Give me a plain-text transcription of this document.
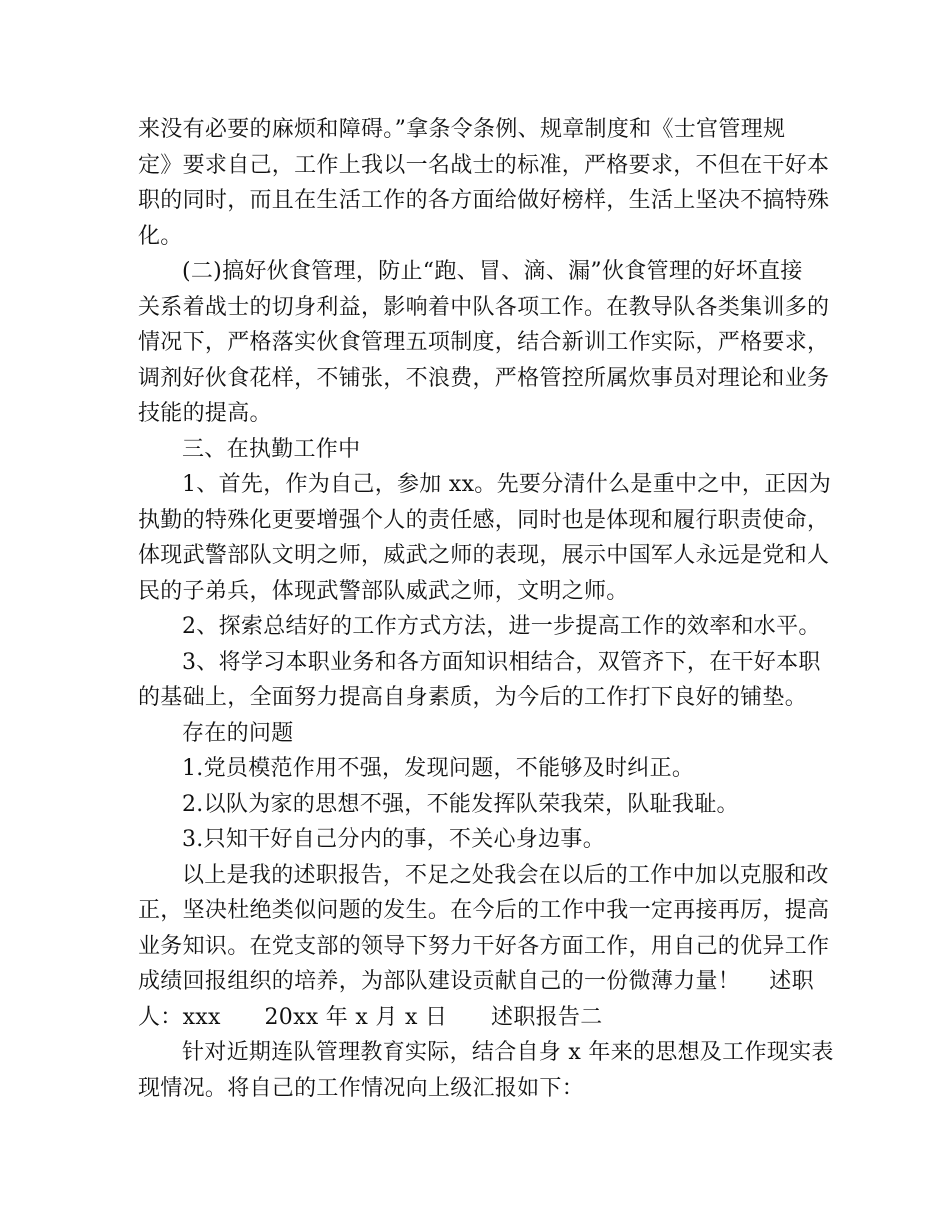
来没有必要的麻烦和障碍。”拿条令条例、规章制度和《士官管理规
定》要求自己，工作上我以一名战士的标准，严格要求，不但在干好本
职的同时，而且在生活工作的各方面给做好榜样，生活上坚决不搞特殊
化。

(二)搞好伙食管理，防止“跑、冒、滴、漏”伙食管理的好坏直接
关系着战士的切身利益，影响着中队各项工作。在教导队各类集训多的
情况下，严格落实伙食管理五项制度，结合新训工作实际，严格要求，
调剂好伙食花样，不铺张，不浪费，严格管控所属炊事员对理论和业务
技能的提高。

三、在执勤工作中

1、首先，作为自己，参加 xx。先要分清什么是重中之中，正因为
执勤的特殊化更要增强个人的责任感，同时也是体现和履行职责使命，
体现武警部队文明之师，威武之师的表现，展示中国军人永远是党和人
民的子弟兵，体现武警部队威武之师，文明之师。

2、探索总结好的工作方式方法，进一步提高工作的效率和水平。

3、将学习本职业务和各方面知识相结合，双管齐下，在干好本职
的基础上，全面努力提高自身素质，为今后的工作打下良好的铺垫。

存在的问题

1.党员模范作用不强，发现问题，不能够及时纠正。

2.以队为家的思想不强，不能发挥队荣我荣，队耻我耻。

3.只知干好自己分内的事，不关心身边事。

以上是我的述职报告，不足之处我会在以后的工作中加以克服和改
正，坚决杜绝类似问题的发生。在今后的工作中我一定再接再厉，提高
业务知识。在党支部的领导下努力干好各方面工作，用自己的优异工作
成绩回报组织的培养，为部队建设贡献自己的一份微薄力量！    述职
人：xxx      20xx 年 x 月 x 日      述职报告二

针对近期连队管理教育实际，结合自身 x 年来的思想及工作现实表
现情况。将自己的工作情况向上级汇报如下：
